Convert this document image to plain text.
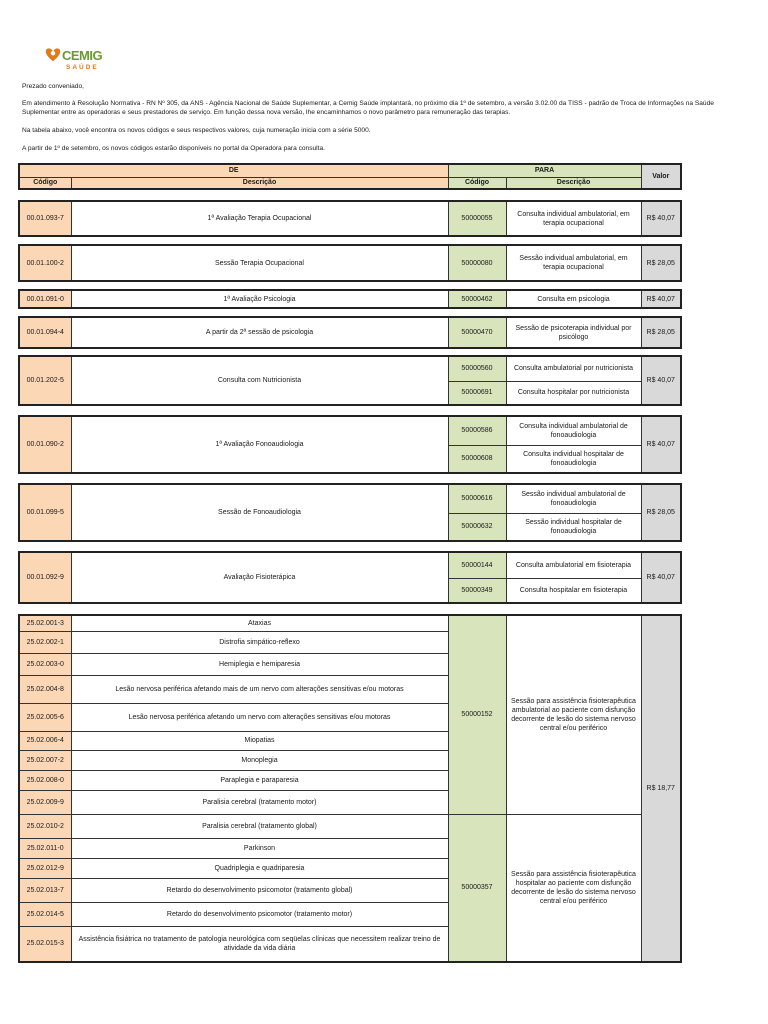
CEMIG
SAÚDE

Prezado conveniado,

Em atendimento à Resolução Normativa - RN Nº 305, da ANS - Agência Nacional de Saúde Suplementar, a Cemig Saúde implantará, no próximo dia 1º de setembro, a versão 3.02.00 da TISS - padrão de Troca de Informações na Saúde Suplementar entre as operadoras e seus prestadores de serviço. Em função dessa nova versão, lhe encaminhamos o novo parâmetro para remuneração das terapias.

Na tabela abaixo, você encontra os novos códigos e seus respectivos valores, cuja numeração inicia com a série 5000.

A partir de 1º de setembro, os novos códigos estarão disponíveis no portal da Operadora para consulta.

DE		PARA		Valor
Código	Descrição	Código	Descrição	
00.01.093-7	1ª Avaliação Terapia Ocupacional	50000055	Consulta individual ambulatorial, em terapia ocupacional	R$ 40,07
00.01.100-2	Sessão Terapia Ocupacional	50000080	Sessão individual ambulatorial, em terapia ocupacional	R$ 28,05
00.01.091-0	1ª Avaliação Psicologia	50000462	Consulta em psicologia	R$ 40,07
00.01.094-4	A partir da 2ª sessão de psicologia	50000470	Sessão de psicoterapia individual por psicólogo	R$ 28,05
00.01.202-5	Consulta com Nutricionista	50000560	Consulta ambulatorial por nutricionista	R$ 40,07
		50000691	Consulta hospitalar por nutricionista	
00.01.090-2	1ª Avaliação Fonoaudiologia	50000586	Consulta individual ambulatorial de fonoaudiologia	R$ 40,07
		50000608	Consulta individual hospitalar de fonoaudiologia	
00.01.099-5	Sessão de Fonoaudiologia	50000616	Sessão individual ambulatorial de fonoaudiologia	R$ 28,05
		50000632	Sessão individual hospitalar de fonoaudiologia	
00.01.092-9	Avaliação Fisioterápica	50000144	Consulta ambulatorial em fisioterapia	R$ 40,07
		50000349	Consulta hospitalar em fisioterapia	
25.02.001-3	Ataxias	50000152	Sessão para assistência fisioterapêutica ambulatorial ao paciente com disfunção decorrente de lesão do sistema nervoso central e/ou periférico	R$ 18,77
25.02.002-1	Distrofia simpático-reflexo			
25.02.003-0	Hemiplegia e hemiparesia			
25.02.004-8	Lesão nervosa periférica afetando mais de um nervo com alterações sensitivas e/ou motoras			
25.02.005-6	Lesão nervosa periférica afetando um nervo com alterações sensitivas e/ou motoras			
25.02.006-4	Miopatias			
25.02.007-2	Monoplegia			
25.02.008-0	Paraplegia e paraparesia			
25.02.009-9	Paralisia cerebral (tratamento motor)			
25.02.010-2	Paralisia cerebral (tratamento global)	50000357	Sessão para assistência fisioterapêutica hospitalar ao paciente com disfunção decorrente de lesão do sistema nervoso central e/ou periférico	
25.02.011-0	Parkinson			
25.02.012-9	Quadriplegia e quadriparesia			
25.02.013-7	Retardo do desenvolvimento psicomotor (tratamento global)			
25.02.014-5	Retardo do desenvolvimento psicomotor (tratamento motor)			
25.02.015-3	Assistência fisiátrica no tratamento de patologia neurológica com seqüelas clínicas que necessitem realizar treino de atividade da vida diária			
